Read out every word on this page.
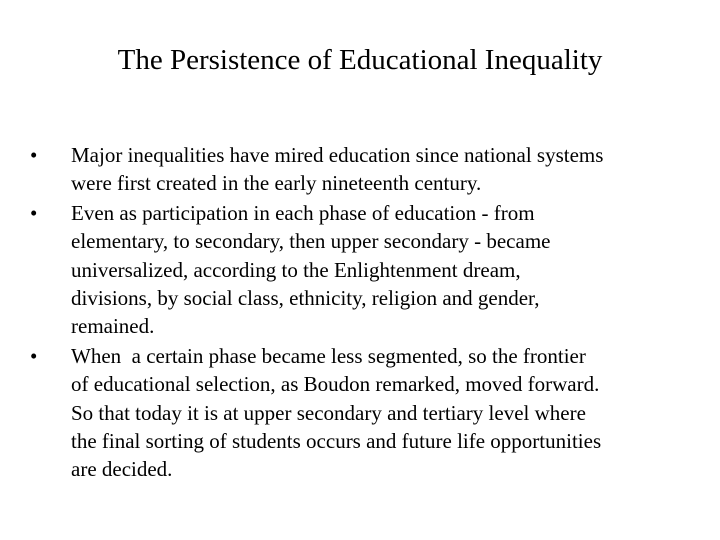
The Persistence of Educational Inequality
•	Major inequalities have mired education since national systems
were first created in the early nineteenth century.
•	Even as participation in each phase of education - from
elementary, to secondary, then upper secondary - became
universalized, according to the Enlightenment dream,
divisions, by social class, ethnicity, religion and gender,
remained.
•	When  a certain phase became less segmented, so the frontier
of educational selection, as Boudon remarked, moved forward.
So that today it is at upper secondary and tertiary level where
the final sorting of students occurs and future life opportunities
are decided.
